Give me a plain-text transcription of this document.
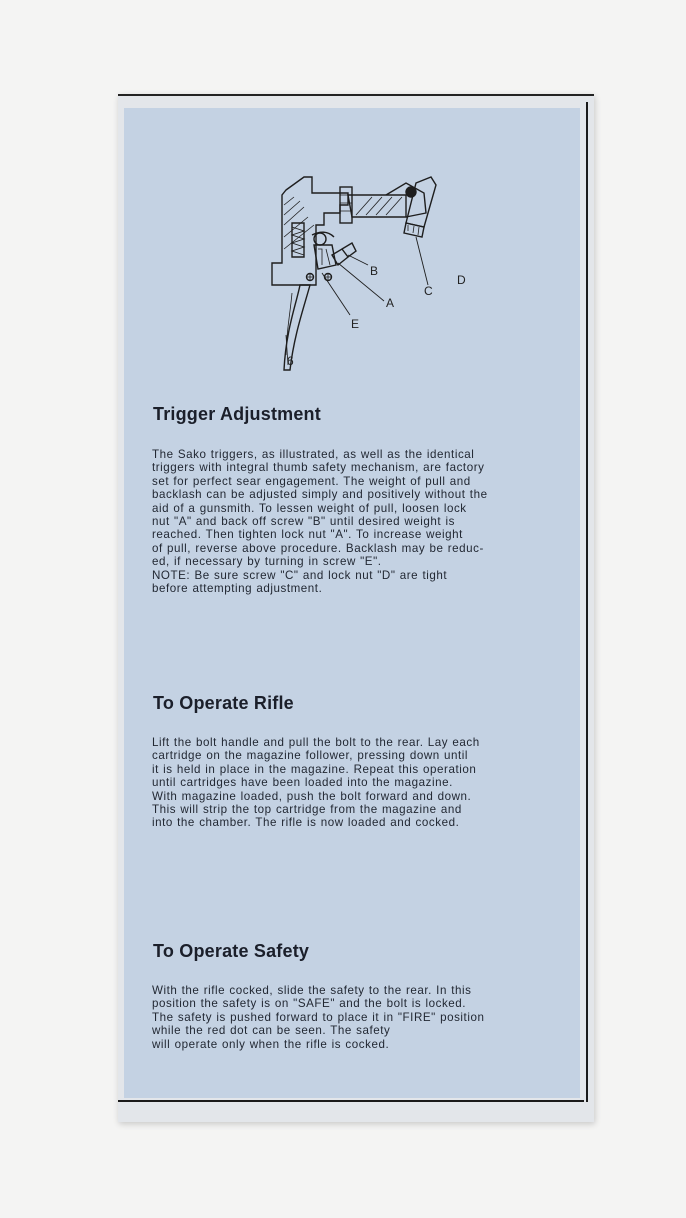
B
A
C
D
E
6
Trigger Adjustment

The Sako triggers, as illustrated, as well as the identical
triggers with integral thumb safety mechanism, are factory
set for perfect sear engagement. The weight of pull and
backlash can be adjusted simply and positively without the
aid of a gunsmith. To lessen weight of pull, loosen lock
nut "A" and back off screw "B" until desired weight is
reached. Then tighten lock nut "A". To increase weight
of pull, reverse above procedure. Backlash may be reduc-
ed, if necessary by turning in screw "E".
NOTE: Be sure screw "C" and lock nut "D" are tight
before attempting adjustment.

To Operate Rifle

Lift the bolt handle and pull the bolt to the rear. Lay each
cartridge on the magazine follower, pressing down until
it is held in place in the magazine. Repeat this operation
until cartridges have been loaded into the magazine.
With magazine loaded, push the bolt forward and down.
This will strip the top cartridge from the magazine and
into the chamber. The rifle is now loaded and cocked.

To Operate Safety

With the rifle cocked, slide the safety to the rear. In this
position the safety is on "SAFE" and the bolt is locked.
The safety is pushed forward to place it in "FIRE" position
while the red dot can be seen. The safety
will operate only when the rifle is cocked.
